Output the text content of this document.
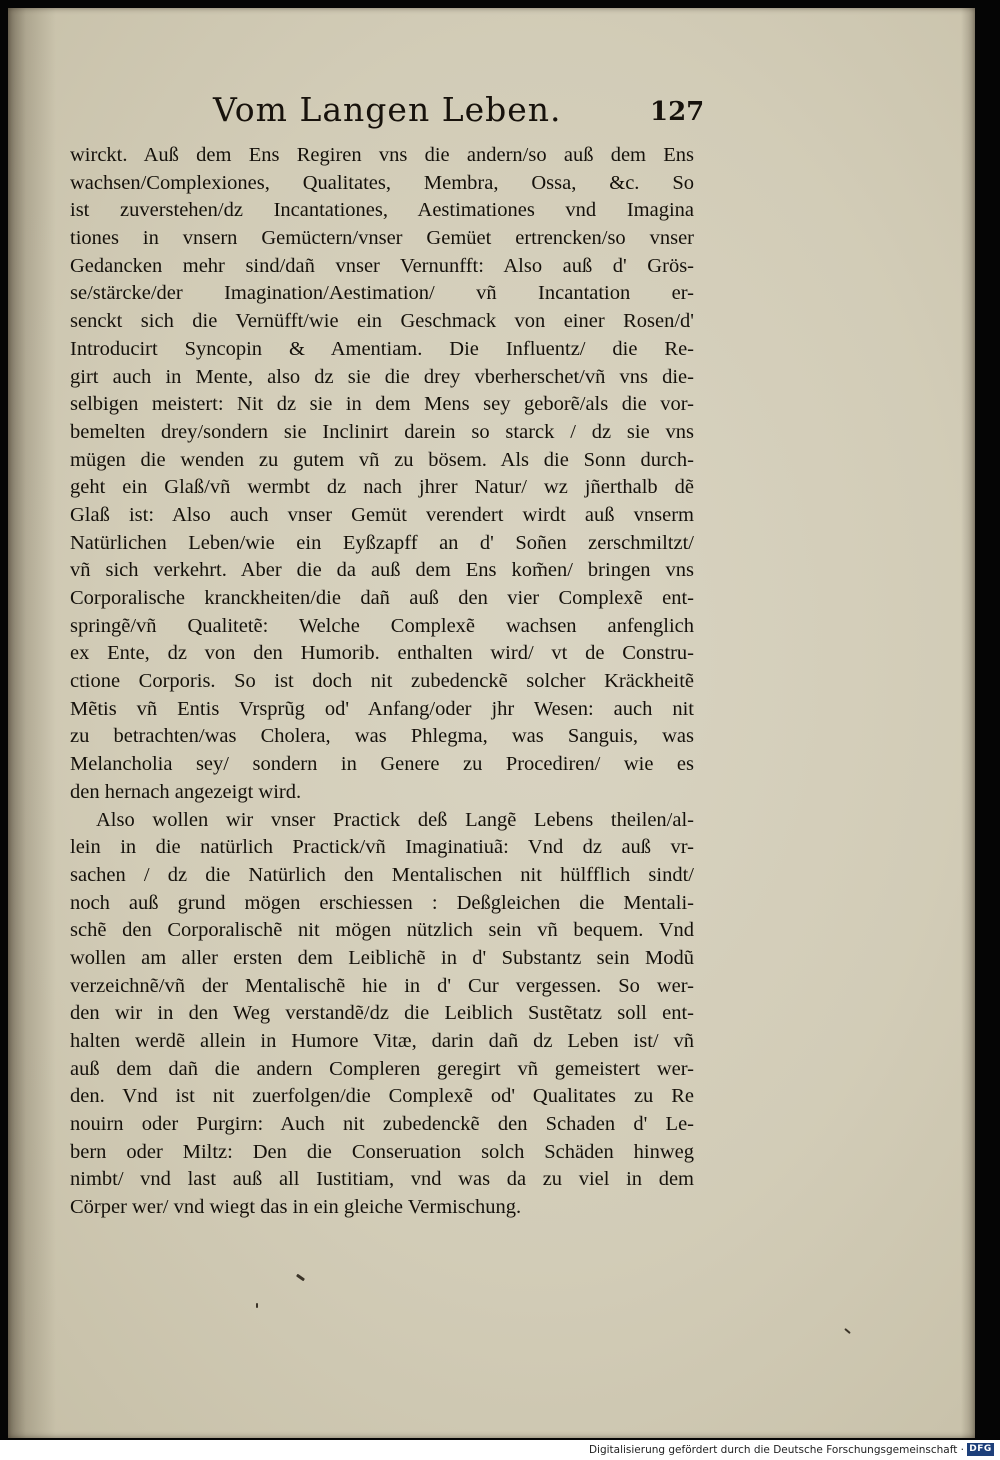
Vom Langen Leben.	127
wirckt. Auß dem Ens Regiren vns die andern/so auß dem Ens
wachsen/Complexiones, Qualitates, Membra, Ossa, &c. So
ist zuverstehen/dz Incantationes, Aestimationes vnd Imagina
tiones in vnsern Gemüctern/vnser Gemüet ertrencken/so vnser
Gedancken mehr sind/dañ vnser Vernunfft: Also auß d' Grös-
se/stärcke/der Imagination/Aestimation/ vñ Incantation er-
senckt sich die Vernüfft/wie ein Geschmack von einer Rosen/d'
Introducirt Syncopin & Amentiam. Die Influentz/ die Re-
girt auch in Mente, also dz sie die drey vberherschet/vñ vns die-
selbigen meistert: Nit dz sie in dem Mens sey geborẽ/als die vor-
bemelten drey/sondern sie Inclinirt darein so starck / dz sie vns
mügen die wenden zu gutem vñ zu bösem. Als die Sonn durch-
geht ein Glaß/vñ wermbt dz nach jhrer Natur/ wz jñerthalb dẽ
Glaß ist: Also auch vnser Gemüt verendert wirdt auß vnserm
Natürlichen Leben/wie ein Eyßzapff an d' Soñen zerschmiltzt/
vñ sich verkehrt. Aber die da auß dem Ens kom̃en/ bringen vns
Corporalische kranckheiten/die dañ auß den vier Complexẽ ent-
springẽ/vñ Qualitetẽ: Welche Complexẽ wachsen anfenglich
ex Ente, dz von den Humorib. enthalten wird/ vt de Constru-
ctione Corporis. So ist doch nit zubedenckẽ solcher Kräckheitẽ
Mẽtis vñ Entis Vrsprũg od' Anfang/oder jhr Wesen: auch nit
zu betrachten/was Cholera, was Phlegma, was Sanguis, was
Melancholia sey/ sondern in Genere zu Procediren/ wie es
den hernach angezeigt wird.
Also wollen wir vnser Practick deß Langẽ Lebens theilen/al-
lein in die natürlich Practick/vñ Imaginatiuã: Vnd dz auß vr-
sachen / dz die Natürlich den Mentalischen nit hülfflich sindt/
noch auß grund mögen erschiessen : Deßgleichen die Mentali-
schẽ den Corporalischẽ nit mögen nützlich sein vñ bequem. Vnd
wollen am aller ersten dem Leiblichẽ in d' Substantz sein Modũ
verzeichnẽ/vñ der Mentalischẽ hie in d' Cur vergessen. So wer-
den wir in den Weg verstandẽ/dz die Leiblich Sustẽtatz soll ent-
halten werdẽ allein in Humore Vitæ, darin dañ dz Leben ist/ vñ
auß dem dañ die andern Compleren geregirt vñ gemeistert wer-
den. Vnd ist nit zuerfolgen/die Complexẽ od' Qualitates zu Re
nouirn oder Purgirn: Auch nit zubedenckẽ den Schaden d' Le-
bern oder Miltz: Den die Conseruation solch Schäden hinweg
nimbt/ vnd last auß all Iustitiam, vnd was da zu viel in dem
Cörper wer/ vnd wiegt das in ein gleiche Vermischung.
Digitalisierung gefördert durch die Deutsche Forschungsgemeinschaft · DFG
